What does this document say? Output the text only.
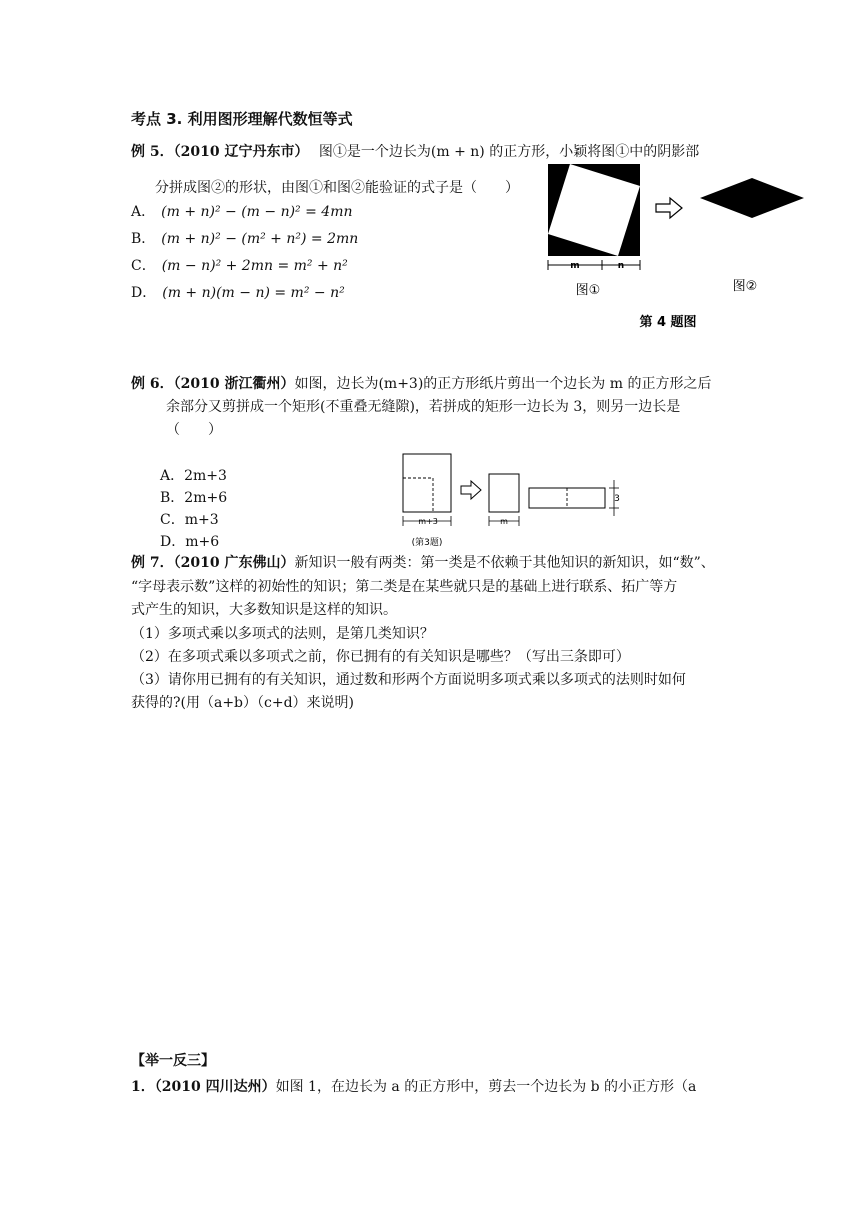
考点 3. 利用图形理解代数恒等式
例 5．（2010 辽宁丹东市） 图①是一个边长为(m + n) 的正方形，小颖将图①中的阴影部
分拼成图②的形状，由图①和图②能验证的式子是（　　）
A． (m + n)² − (m − n)² = 4mn
B． (m + n)² − (m² + n²) = 2mn
C． (m − n)² + 2mn = m² + n²
D． (m + n)(m − n) = m² − n²
m	n
图①	图②
第 4 题图
例 6．（2010 浙江衢州）如图，边长为(m+3)的正方形纸片剪出一个边长为 m 的正方形之后
余部分又剪拼成一个矩形(不重叠无缝隙)，若拼成的矩形一边长为 3，则另一边长是
（　　）
A．2m+3
B．2m+6
C．m+3
D．m+6
m+3	m
3
(第3题)
例 7．（2010 广东佛山）新知识一般有两类：第一类是不依赖于其他知识的新知识，如“数”、
“字母表示数”这样的初始性的知识；第二类是在某些就只是的基础上进行联系、拓广等方
式产生的知识，大多数知识是这样的知识。
（1）多项式乘以多项式的法则，是第几类知识？
（2）在多项式乘以多项式之前，你已拥有的有关知识是哪些？（写出三条即可）
（3）请你用已拥有的有关知识，通过数和形两个方面说明多项式乘以多项式的法则时如何
获得的?(用（a+b）（c+d）来说明)
【举一反三】
1．（2010 四川达州）如图 1，在边长为 a 的正方形中，剪去一个边长为 b 的小正方形（a
